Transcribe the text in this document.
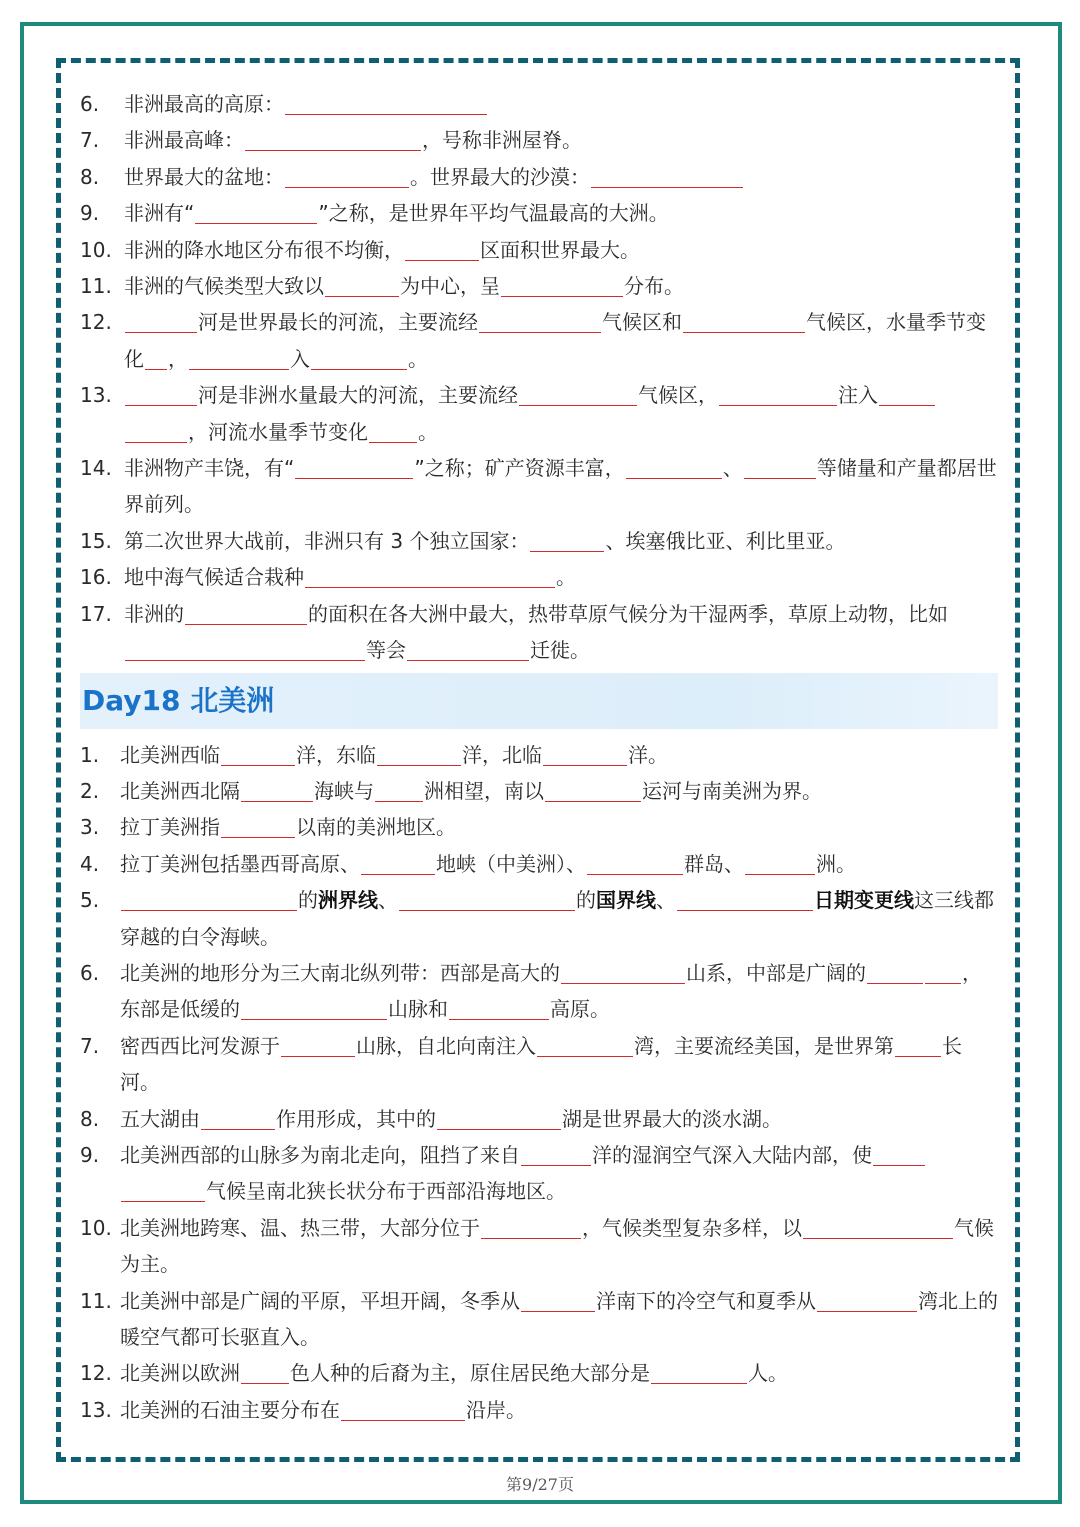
6.	非洲最高的高原：
7.	非洲最高峰：	，号称非洲屋脊。
8.	世界最大的盆地：	。世界最大的沙漠：
9.	非洲有“	”之称，是世界年平均气温最高的大洲。
10. 非洲的降水地区分布很不均衡，	区面积世界最大。
11. 非洲的气候类型大致以	为中心，呈	分布。
12.	河是世界最长的河流，主要流经	气候区和	气候区，水量季节变化 ，	入	。
13.	河是非洲水量最大的河流，主要流经	气候区，	注入，河流水量季节变化	。
14. 非洲物产丰饶，有“	”之称；矿产资源丰富，	、	等储量和产量都居世界前列。
15. 第二次世界大战前，非洲只有 3 个独立国家：	、埃塞俄比亚、利比里亚。
16. 地中海气候适合栽种	。
17. 非洲的	的面积在各大洲中最大，热带草原气候分为干湿两季，草原上动物，比如等会	迁徙。
Day18 北美洲
1.	北美洲西临	洋，东临	洋，北临	洋。
2.	北美洲西北隔	海峡与	洲相望，南以	运河与南美洲为界。
3.	拉丁美洲指	以南的美洲地区。
4.	拉丁美洲包括墨西哥高原、	地峡（中美洲）、	群岛、	洲。
5.	的洲界线、	的国界线、	日期变更线这三线都穿越的白令海峡。
6.	北美洲的地形分为三大南北纵列带：西部是高大的	山系，中部是广阔的	，东部是低缓的	山脉和	高原。
7.	密西西比河发源于	山脉，自北向南注入	湾，主要流经美国，是世界第 长河。
8.	五大湖由	作用形成，其中的	湖是世界最大的淡水湖。
9.	北美洲西部的山脉多为南北走向，阻挡了来自	洋的湿润空气深入大陆内部，使气候呈南北狭长状分布于西部沿海地区。
10. 北美洲地跨寒、温、热三带，大部分位于	，气候类型复杂多样，以	气候为主。
11. 北美洲中部是广阔的平原，平坦开阔，冬季从	洋南下的冷空气和夏季从	湾北上的暖空气都可长驱直入。
12. 北美洲以欧洲	色人种的后裔为主，原住居民绝大部分是	人。
13. 北美洲的石油主要分布在	沿岸。
第9/27页
